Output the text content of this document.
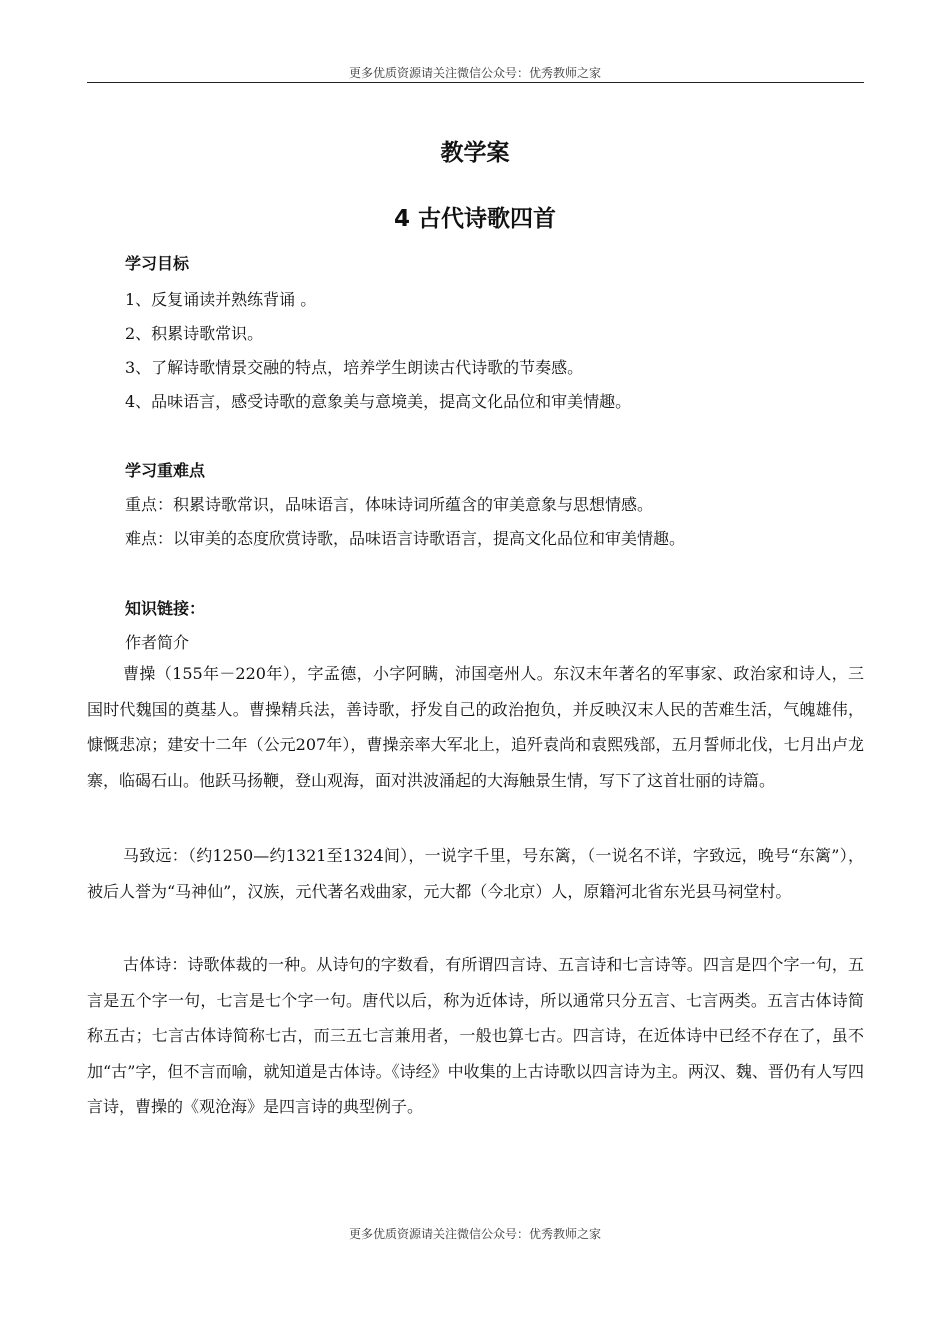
更多优质资源请关注微信公众号：优秀教师之家
教学案
4 古代诗歌四首
学习目标
1、反复诵读并熟练背诵 。
2、积累诗歌常识。
3、了解诗歌情景交融的特点，培养学生朗读古代诗歌的节奏感。
4、品味语言，感受诗歌的意象美与意境美，提高文化品位和审美情趣。
学习重难点
重点：积累诗歌常识，品味语言，体味诗词所蕴含的审美意象与思想情感。
难点：以审美的态度欣赏诗歌，品味语言诗歌语言，提高文化品位和审美情趣。
知识链接：
作者简介
曹操（155年－220年），字孟德，小字阿瞒，沛国亳州人。东汉末年著名的军事家、政治家和诗人，三国时代魏国的奠基人。曹操精兵法，善诗歌，抒发自己的政治抱负，并反映汉末人民的苦难生活，气魄雄伟，慷慨悲凉；建安十二年（公元207年），曹操亲率大军北上，追歼袁尚和袁熙残部，五月誓师北伐，七月出卢龙寨，临碣石山。他跃马扬鞭，登山观海，面对洪波涌起的大海触景生情，写下了这首壮丽的诗篇。
马致远：（约1250—约1321至1324间），一说字千里，号东篱，（一说名不详，字致远，晚号“东篱”），被后人誉为“马神仙”，汉族，元代著名戏曲家，元大都（今北京）人，原籍河北省东光县马祠堂村。
古体诗：诗歌体裁的一种。从诗句的字数看，有所谓四言诗、五言诗和七言诗等。四言是四个字一句，五言是五个字一句，七言是七个字一句。唐代以后，称为近体诗，所以通常只分五言、七言两类。五言古体诗简称五古；七言古体诗简称七古，而三五七言兼用者，一般也算七古。四言诗，在近体诗中已经不存在了，虽不加“古”字，但不言而喻，就知道是古体诗。《诗经》中收集的上古诗歌以四言诗为主。两汉、魏、晋仍有人写四言诗，曹操的《观沧海》是四言诗的典型例子。
更多优质资源请关注微信公众号：优秀教师之家
